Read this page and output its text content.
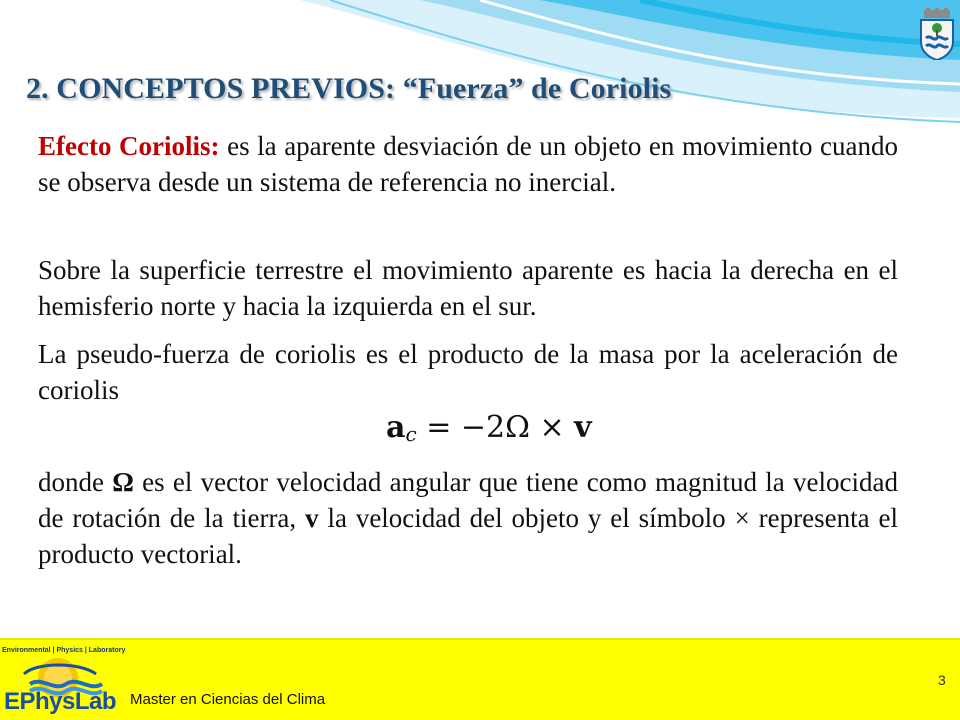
2. CONCEPTOS PREVIOS: “Fuerza” de Coriolis

Efecto Coriolis: es la aparente desviación de un objeto en movimiento cuando se observa desde un sistema de referencia no inercial.

Sobre la superficie terrestre el movimiento aparente es hacia la derecha en el hemisferio norte y hacia la izquierda en el sur.

La pseudo-fuerza de coriolis es el producto de la masa por la aceleración de coriolis

$a_c = -2\Omega \times v$

donde Ω es el vector velocidad angular que tiene como magnitud la velocidad de rotación de la tierra, v la velocidad del objeto y el símbolo × representa el producto vectorial.

Environmental | Physics | Laboratory
EPhysLab Master en Ciencias del Clima
3
